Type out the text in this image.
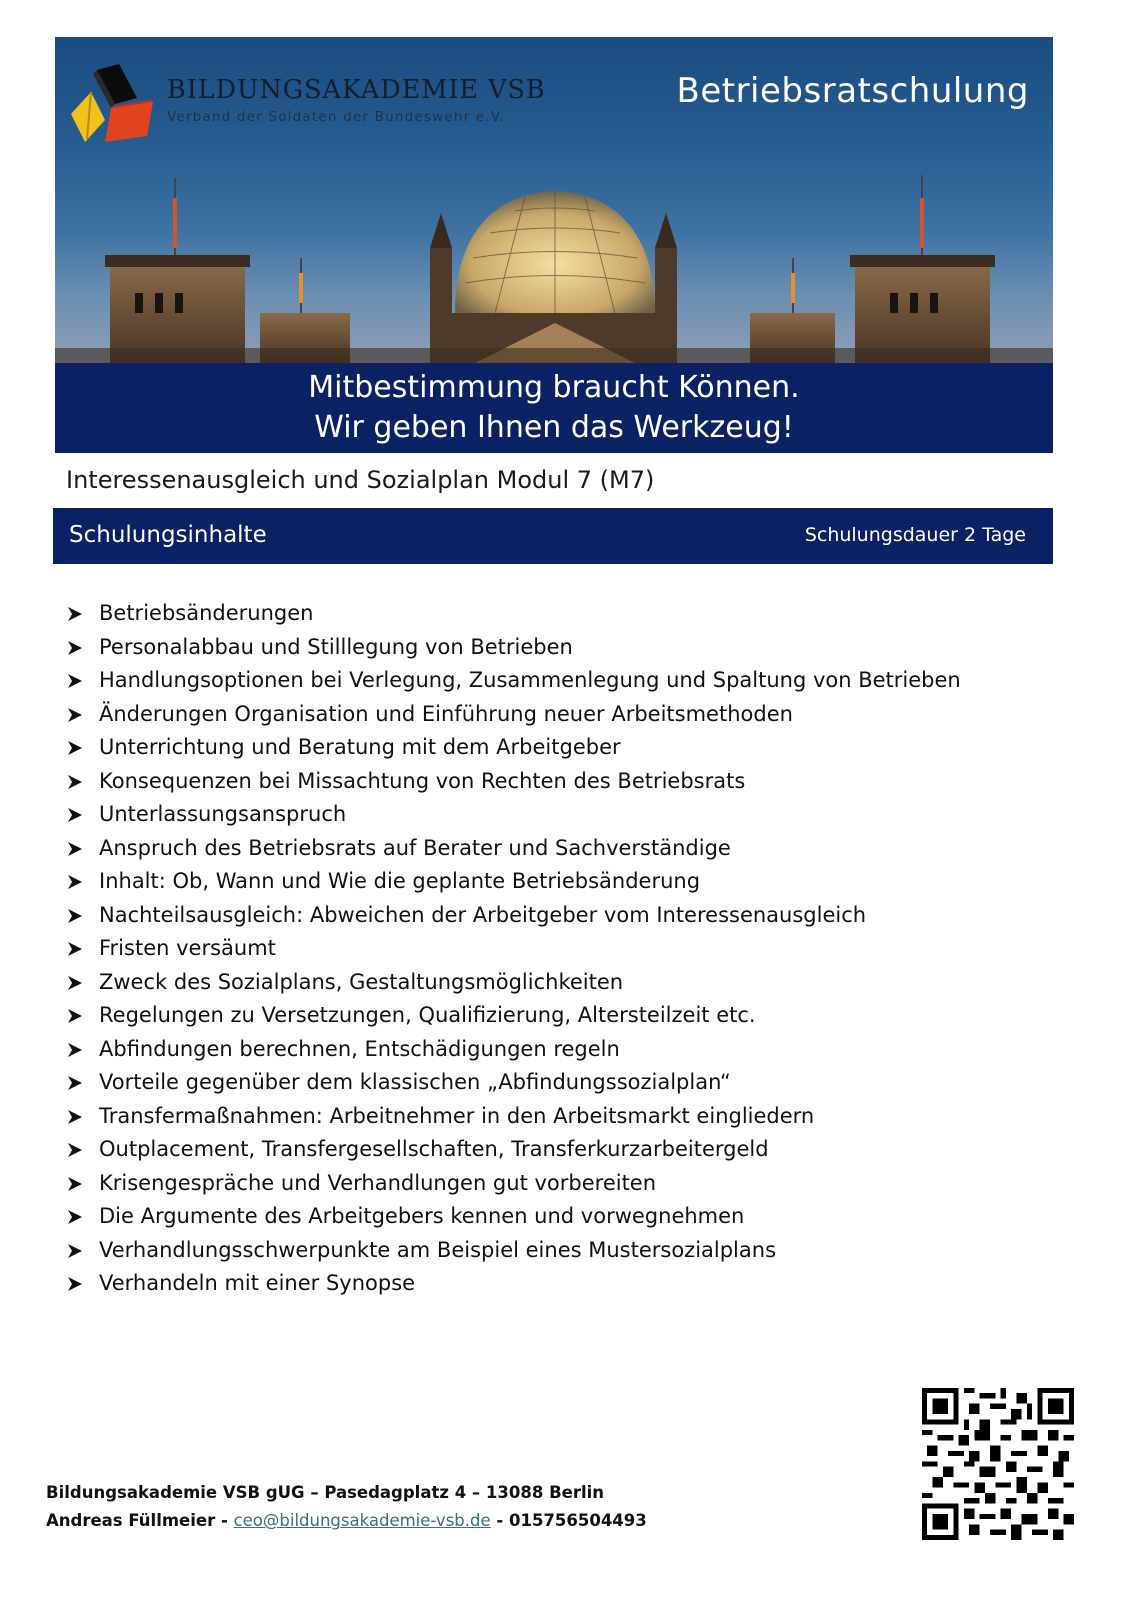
BILDUNGSAKADEMIE VSB
Verband der Soldaten der Bundeswehr e.V.
Betriebsratschulung
Mitbestimmung braucht Können.
Wir geben Ihnen das Werkzeug!
Interessenausgleich und Sozialplan Modul 7 (M7)
Schulungsinhalte	Schulungsdauer 2 Tage
Betriebsänderungen
Personalabbau und Stilllegung von Betrieben
Handlungsoptionen bei Verlegung, Zusammenlegung und Spaltung von Betrieben
Änderungen Organisation und Einführung neuer Arbeitsmethoden
Unterrichtung und Beratung mit dem Arbeitgeber
Konsequenzen bei Missachtung von Rechten des Betriebsrats
Unterlassungsanspruch
Anspruch des Betriebsrats auf Berater und Sachverständige
Inhalt: Ob, Wann und Wie die geplante Betriebsänderung
Nachteilsausgleich: Abweichen der Arbeitgeber vom Interessenausgleich
Fristen versäumt
Zweck des Sozialplans, Gestaltungsmöglichkeiten
Regelungen zu Versetzungen, Qualifizierung, Altersteilzeit etc.
Abfindungen berechnen, Entschädigungen regeln
Vorteile gegenüber dem klassischen „Abfindungssozialplan“
Transfermaßnahmen: Arbeitnehmer in den Arbeitsmarkt eingliedern
Outplacement, Transfergesellschaften, Transferkurzarbeitergeld
Krisengespräche und Verhandlungen gut vorbereiten
Die Argumente des Arbeitgebers kennen und vorwegnehmen
Verhandlungsschwerpunkte am Beispiel eines Mustersozialplans
Verhandeln mit einer Synopse
Bildungsakademie VSB gUG – Pasedagplatz 4 – 13088 Berlin
Andreas Füllmeier - ceo@bildungsakademie-vsb.de - 015756504493
